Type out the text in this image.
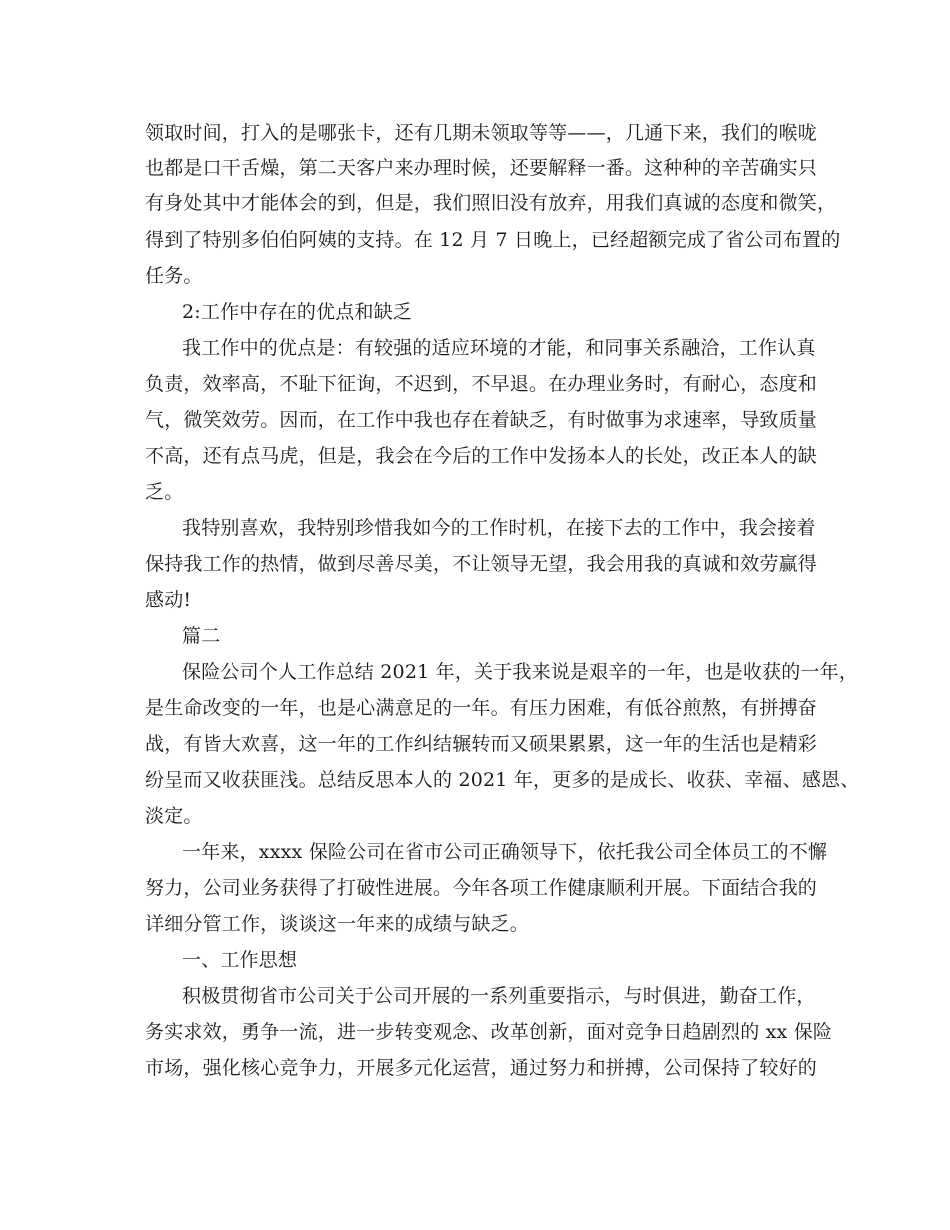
领取时间，打入的是哪张卡，还有几期未领取等等——，几通下来，我们的喉咙
也都是口干舌燥，第二天客户来办理时候，还要解释一番。这种种的辛苦确实只
有身处其中才能体会的到，但是，我们照旧没有放弃，用我们真诚的态度和微笑，
得到了特别多伯伯阿姨的支持。在 12 月 7 日晚上，已经超额完成了省公司布置的
任务。
2:工作中存在的优点和缺乏
我工作中的优点是：有较强的适应环境的才能，和同事关系融洽，工作认真
负责，效率高，不耻下征询，不迟到，不早退。在办理业务时，有耐心，态度和
气，微笑效劳。因而，在工作中我也存在着缺乏，有时做事为求速率，导致质量
不高，还有点马虎，但是，我会在今后的工作中发扬本人的长处，改正本人的缺
乏。
我特别喜欢，我特别珍惜我如今的工作时机，在接下去的工作中，我会接着
保持我工作的热情，做到尽善尽美，不让领导无望，我会用我的真诚和效劳赢得
感动!
篇二
保险公司个人工作总结 2021 年，关于我来说是艰辛的一年，也是收获的一年，
是生命改变的一年，也是心满意足的一年。有压力困难，有低谷煎熬，有拼搏奋
战，有皆大欢喜，这一年的工作纠结辗转而又硕果累累，这一年的生活也是精彩
纷呈而又收获匪浅。总结反思本人的 2021 年，更多的是成长、收获、幸福、感恩、
淡定。
一年来，xxxx 保险公司在省市公司正确领导下，依托我公司全体员工的不懈
努力，公司业务获得了打破性进展。今年各项工作健康顺利开展。下面结合我的
详细分管工作，谈谈这一年来的成绩与缺乏。
一、工作思想
积极贯彻省市公司关于公司开展的一系列重要指示，与时俱进，勤奋工作，
务实求效，勇争一流，进一步转变观念、改革创新，面对竞争日趋剧烈的 xx 保险
市场，强化核心竞争力，开展多元化运营，通过努力和拼搏，公司保持了较好的
